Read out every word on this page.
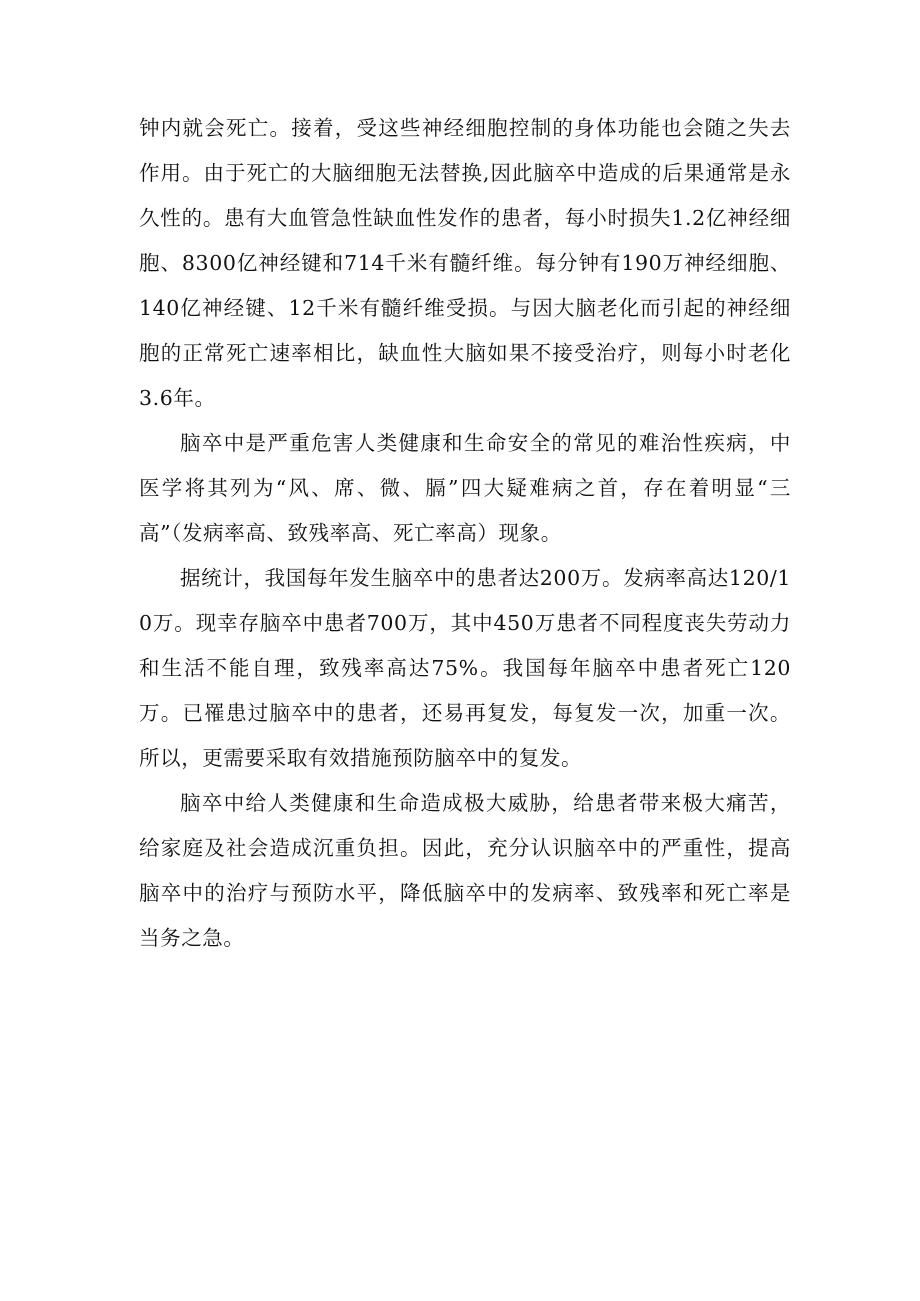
钟内就会死亡。接着，受这些神经细胞控制的身体功能也会随之失去作用。由于死亡的大脑细胞无法替换,因此脑卒中造成的后果通常是永久性的。患有大血管急性缺血性发作的患者，每小时损失1.2亿神经细胞、8300亿神经键和714千米有髓纤维。每分钟有190万神经细胞、140亿神经键、12千米有髓纤维受损。与因大脑老化而引起的神经细胞的正常死亡速率相比，缺血性大脑如果不接受治疗，则每小时老化3.6年。

脑卒中是严重危害人类健康和生命安全的常见的难治性疾病，中医学将其列为“风、席、微、膈”四大疑难病之首，存在着明显“三高”（发病率高、致残率高、死亡率高）现象。

据统计，我国每年发生脑卒中的患者达200万。发病率高达120/10万。现幸存脑卒中患者700万，其中450万患者不同程度丧失劳动力和生活不能自理，致残率高达75%。我国每年脑卒中患者死亡120万。已罹患过脑卒中的患者，还易再复发，每复发一次，加重一次。所以，更需要采取有效措施预防脑卒中的复发。

脑卒中给人类健康和生命造成极大威胁，给患者带来极大痛苦，给家庭及社会造成沉重负担。因此，充分认识脑卒中的严重性，提高脑卒中的治疗与预防水平，降低脑卒中的发病率、致残率和死亡率是当务之急。
